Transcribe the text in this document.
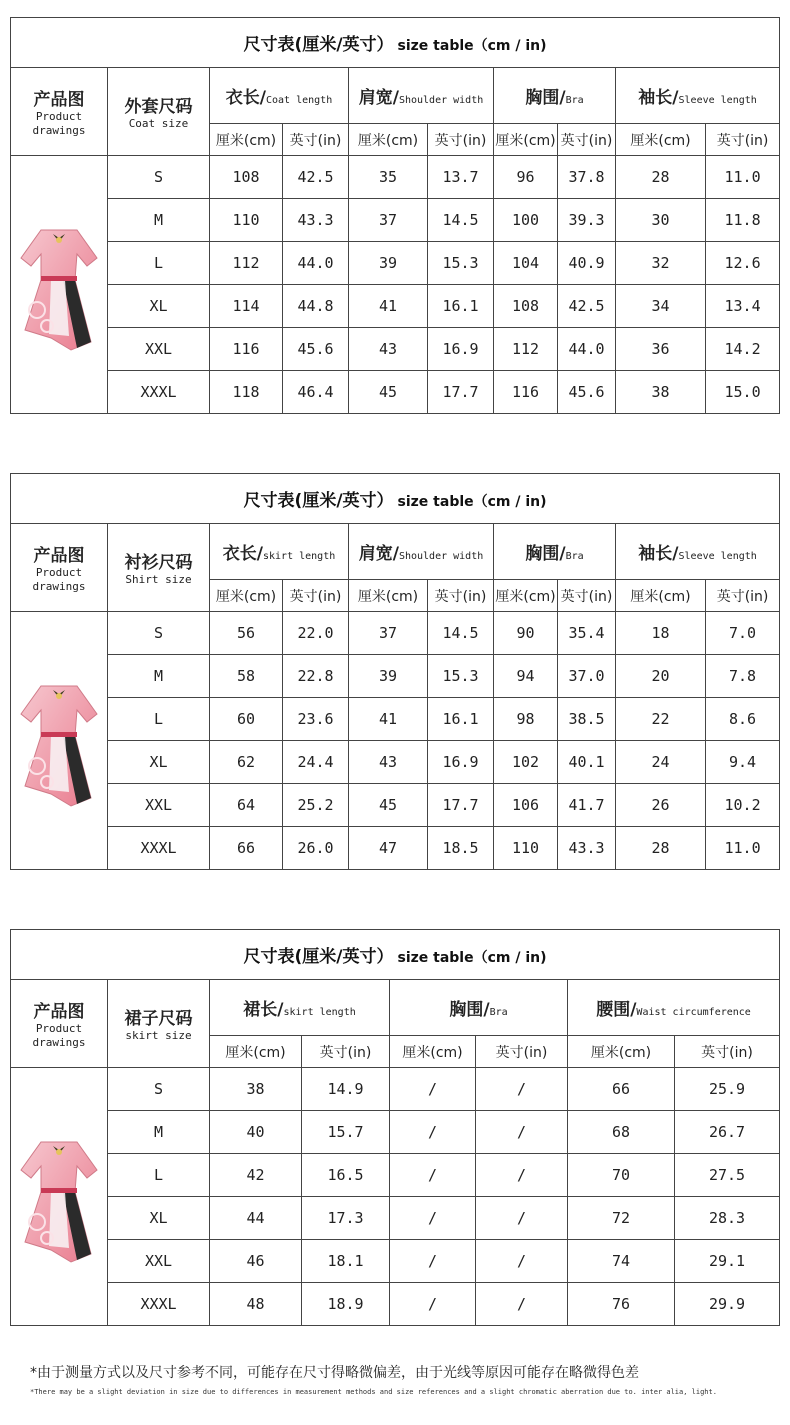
尺寸表(厘米/英寸） size table（cm / in)									

产品图
Product drawings	外套尺码
Coat size	衣长/Coat length		肩宽/Shoulder width		胸围/Bra		袖长/Sleeve length	
		厘米(cm)	英寸(in)	厘米(cm)	英寸(in)	厘米(cm)	英寸(in)	厘米(cm)	英寸(in)

	S	108	42.5	35	13.7	96	37.8	28	11.0
	M	110	43.3	37	14.5	100	39.3	30	11.8
	L	112	44.0	39	15.3	104	40.9	32	12.6
	XL	114	44.8	41	16.1	108	42.5	34	13.4
	XXL	116	45.6	43	16.9	112	44.0	36	14.2
	XXXL	118	46.4	45	17.7	116	45.6	38	15.0
尺寸表(厘米/英寸） size table（cm / in)									

产品图
Product drawings	衬衫尺码
Shirt size	衣长/skirt length		肩宽/Shoulder width		胸围/Bra		袖长/Sleeve length	
		厘米(cm)	英寸(in)	厘米(cm)	英寸(in)	厘米(cm)	英寸(in)	厘米(cm)	英寸(in)

	S	56	22.0	37	14.5	90	35.4	18	7.0
	M	58	22.8	39	15.3	94	37.0	20	7.8
	L	60	23.6	41	16.1	98	38.5	22	8.6
	XL	62	24.4	43	16.9	102	40.1	24	9.4
	XXL	64	25.2	45	17.7	106	41.7	26	10.2
	XXXL	66	26.0	47	18.5	110	43.3	28	11.0
尺寸表(厘米/英寸） size table（cm / in)							

产品图
Product drawings	裙子尺码
skirt size	裙长/skirt length		胸围/Bra		腰围/Waist circumference	
		厘米(cm)	英寸(in)	厘米(cm)	英寸(in)	厘米(cm)	英寸(in)

	S	38	14.9	/	/	66	25.9
	M	40	15.7	/	/	68	26.7
	L	42	16.5	/	/	70	27.5
	XL	44	17.3	/	/	72	28.3
	XXL	46	18.1	/	/	74	29.1
	XXXL	48	18.9	/	/	76	29.9
*由于测量方式以及尺寸参考不同，可能存在尺寸得略微偏差，由于光线等原因可能存在略微得色差
*There may be a slight deviation in size due to differences in measurement methods and size references and a slight chromatic aberration due to. inter alia, light.
